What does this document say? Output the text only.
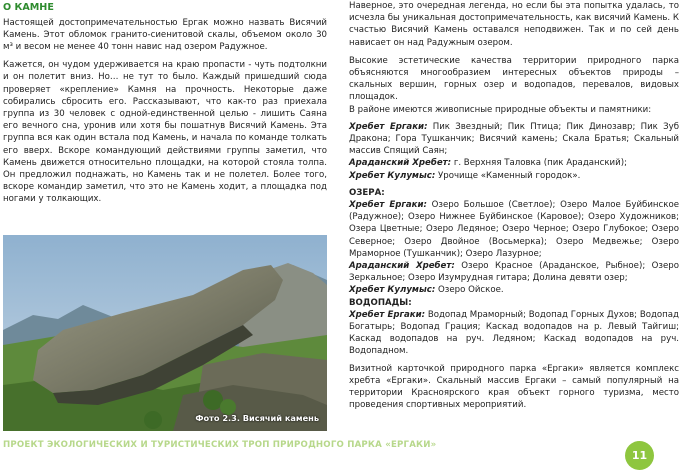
О КАМНЕ

Настоящей достопримечательностью Ергак можно назвать Висячий Камень. Этот обломок гранито-сиенитовой скалы, объемом около 30 м³ и весом не менее 40 тонн навис над озером Радужное.

Кажется, он чудом удерживается на краю пропасти - чуть подтолкни и он полетит вниз. Но… не тут то было. Каждый пришедший сюда проверяет «крепление» Камня на прочность. Некоторые даже собирались сбросить его. Рассказывают, что как-то раз приехала группа из 30 человек с одной-единственной целью - лишить Саяна его вечного сна, уронив или хотя бы пошатнув Висячий Камень. Эта группа вся как один встала под Камень, и начала по команде толкать его вверх. Вскоре командующий действиями группы заметил, что Камень движется относительно площадки, на которой стояла толпа. Он предложил поднажать, но Камень так и не полетел. Более того, вскоре командир заметил, что это не Камень ходит, а площадка под ногами у толкающих.

Фото 2.3. Висячий камень

Наверное, это очередная легенда, но если бы эта попытка удалась, то исчезла бы уникальная достопримечательность, как висячий Камень. К счастью Висячий Камень оставался неподвижен. Так и по сей день нависает он над Радужным озером.

Высокие эстетические качества территории природного парка объясняются многообразием интересных объектов природы – скальных вершин, горных озер и водопадов, перевалов, видовых площадок.
В районе имеются живописные природные объекты и памятники:
Хребет Ергаки: Пик Звездный; Пик Птица; Пик Динозавр; Пик Зуб Дракона; Гора Тушканчик; Висячий камень; Скала Братья; Скальный массив Спящий Саян;
Араданский Хребет: г. Верхняя Таловка (пик Араданский);
Хребет Кулумыс: Урочище «Каменный городок».
ОЗЕРА:
Хребет Ергаки: Озеро Большое (Светлое); Озеро Малое Буйбинское (Радужное); Озеро Нижнее Буйбинское (Каровое); Озеро Художников; Озера Цветные; Озеро Ледяное; Озеро Черное; Озеро Глубокое; Озеро Северное; Озеро Двойное (Восьмерка); Озеро Медвежье; Озеро Мраморное (Тушканчик); Озеро Лазурное;
Араданский Хребет: Озеро Красное (Араданское, Рыбное); Озеро Зеркальное; Озеро Изумрудная гитара; Долина девяти озер;
Хребет Кулумыс: Озеро Ойское.
ВОДОПАДЫ:
Хребет Ергаки: Водопад Мраморный; Водопад Горных Духов; Водопад Богатырь; Водопад Грация; Каскад водопадов на р. Левый Тайгиш; Каскад водопадов на руч. Ледяном; Каскад водопадов на руч. Водопадном.

Визитной карточкой природного парка «Ергаки» является комплекс хребта «Ергаки». Скальный массив Ергаки – самый популярный на территории Красноярского края объект горного туризма, место проведения спортивных мероприятий.

ПРОЕКТ ЭКОЛОГИЧЕСКИХ И ТУРИСТИЧЕСКИХ ТРОП ПРИРОДНОГО ПАРКА «ЕРГАКИ»
11
